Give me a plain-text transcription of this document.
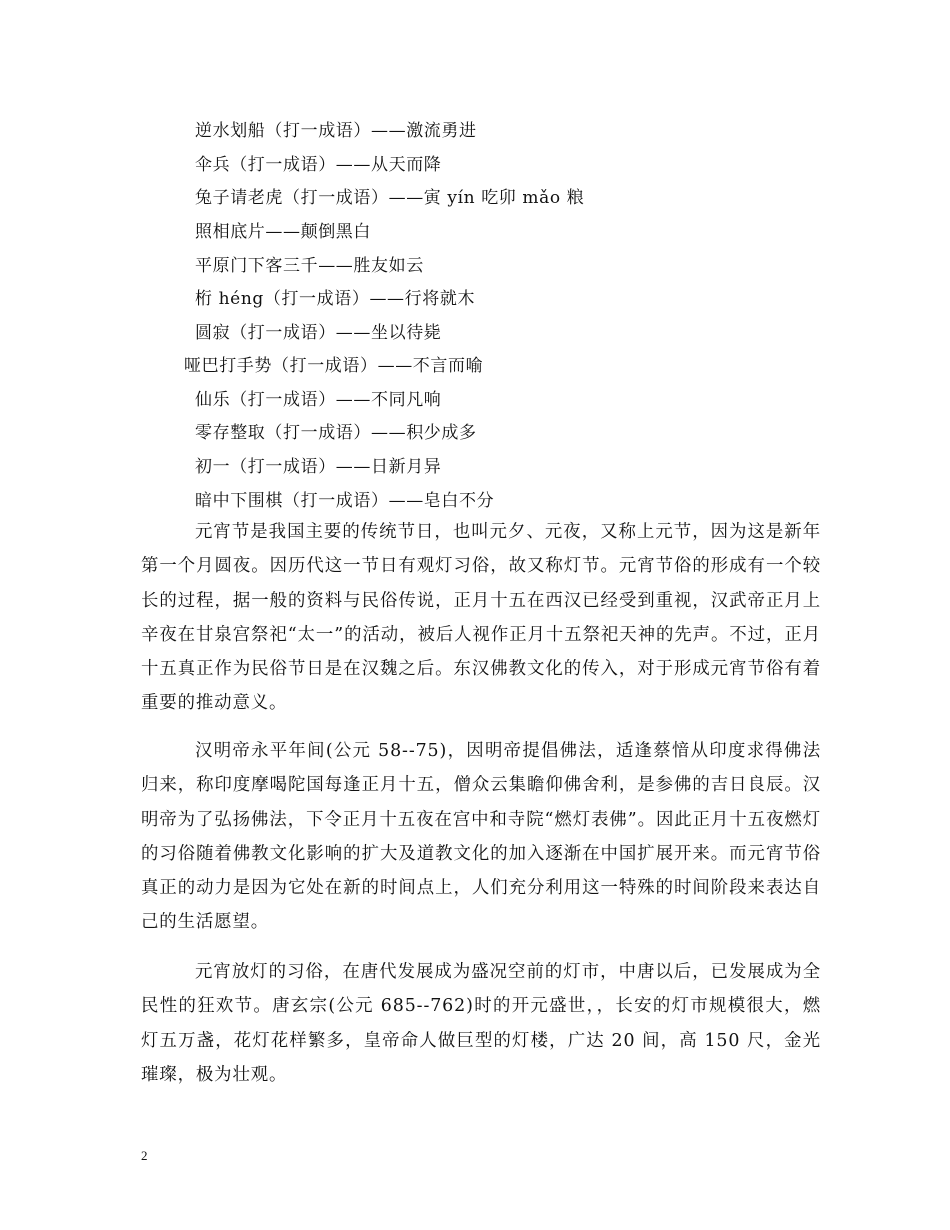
逆水划船（打一成语）——激流勇进
伞兵（打一成语）——从天而降
兔子请老虎（打一成语）——寅 yín 吃卯 mǎo 粮
照相底片——颠倒黑白
平原门下客三千——胜友如云
桁 héng（打一成语）——行将就木
圆寂（打一成语）——坐以待毙
哑巴打手势（打一成语）——不言而喻
仙乐（打一成语）——不同凡响
零存整取（打一成语）——积少成多
初一（打一成语）——日新月异
暗中下围棋（打一成语）——皂白不分

元宵节是我国主要的传统节日，也叫元夕、元夜，又称上元节，因为这是新年第一个月圆夜。因历代这一节日有观灯习俗，故又称灯节。元宵节俗的形成有一个较长的过程，据一般的资料与民俗传说，正月十五在西汉已经受到重视，汉武帝正月上辛夜在甘泉宫祭祀“太一”的活动，被后人视作正月十五祭祀天神的先声。不过，正月十五真正作为民俗节日是在汉魏之后。东汉佛教文化的传入，对于形成元宵节俗有着重要的推动意义。

汉明帝永平年间(公元 58--75)，因明帝提倡佛法，适逢蔡愔从印度求得佛法归来，称印度摩喝陀国每逢正月十五，僧众云集瞻仰佛舍利，是参佛的吉日良辰。汉明帝为了弘扬佛法，下令正月十五夜在宫中和寺院“燃灯表佛”。因此正月十五夜燃灯的习俗随着佛教文化影响的扩大及道教文化的加入逐渐在中国扩展开来。而元宵节俗真正的动力是因为它处在新的时间点上，人们充分利用这一特殊的时间阶段来表达自己的生活愿望。

元宵放灯的习俗，在唐代发展成为盛况空前的灯市，中唐以后，已发展成为全民性的狂欢节。唐玄宗(公元 685--762)时的开元盛世，，长安的灯市规模很大，燃灯五万盏，花灯花样繁多，皇帝命人做巨型的灯楼，广达 20 间，高 150 尺，金光璀璨，极为壮观。

2
